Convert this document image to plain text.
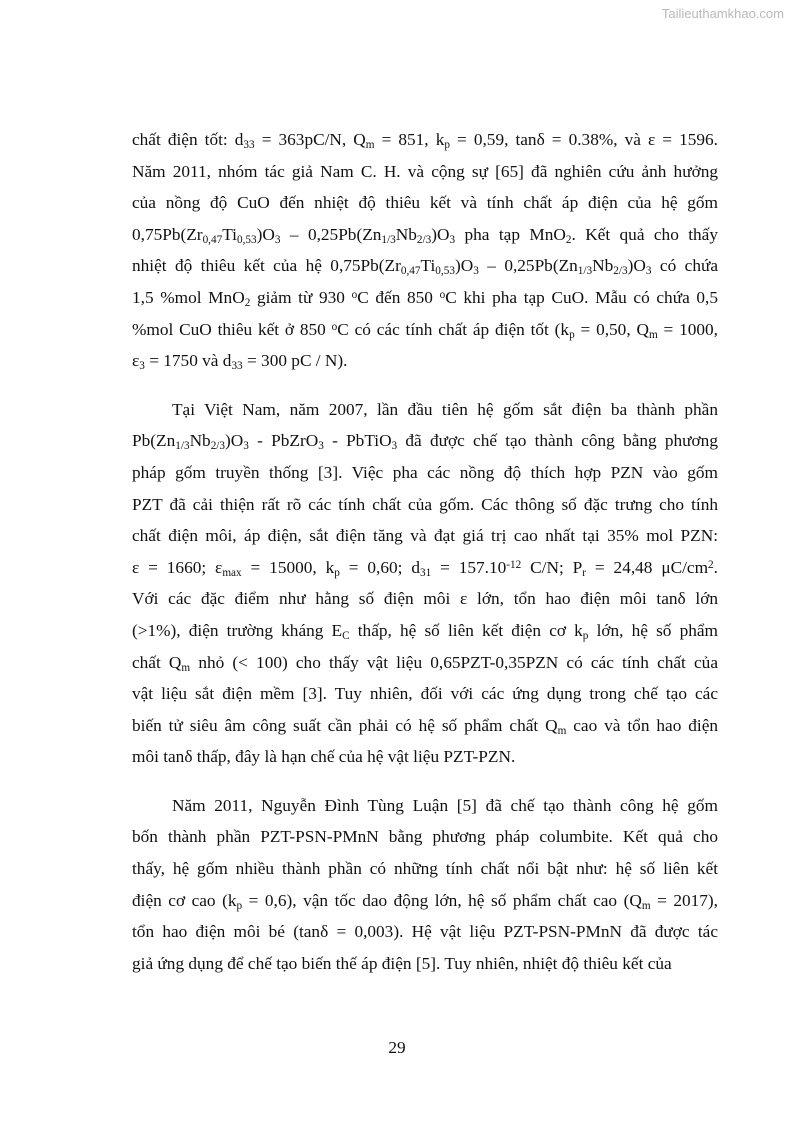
Tailieuthamkhao.com
chất điện tốt: $d_{33} = 363pC/N$, $Q_m = 851$, $k_p = 0,59$, tanδ = 0.38%, và ε = 1596.
Năm 2011, nhóm tác giả Nam C. H. và cộng sự [65] đã nghiên cứu ảnh hưởng
của nồng độ CuO đến nhiệt độ thiêu kết và tính chất áp điện của hệ gốm
$0,75Pb(Zr_{0,47}Ti_{0,53})O_3 - 0,25Pb(Zn_{1/3}Nb_{2/3})O_3$ pha tạp MnO$_2$. Kết quả cho thấy
nhiệt độ thiêu kết của hệ $0,75Pb(Zr_{0,47}Ti_{0,53})O_3 - 0,25Pb(Zn_{1/3}Nb_{2/3})O_3$ có chứa
1,5 %mol MnO$_2$ giảm từ 930 $^o$C đến 850 $^o$C khi pha tạp CuO. Mẫu có chứa 0,5
%mol CuO thiêu kết ở 850 $^o$C có các tính chất áp điện tốt ($k_p = 0,50$, $Q_m = 1000$,
$\varepsilon_3 = 1750$ và $d_{33} = 300$ pC / N).
Tại Việt Nam, năm 2007, lần đầu tiên hệ gốm sắt điện ba thành phần
$Pb(Zn_{1/3}Nb_{2/3})O_3$ - PbZrO$_3$ - PbTiO$_3$ đã được chế tạo thành công bằng phương
pháp gốm truyền thống [3]. Việc pha các nồng độ thích hợp PZN vào gốm
PZT đã cải thiện rất rõ các tính chất của gốm. Các thông số đặc trưng cho tính
chất điện môi, áp điện, sắt điện tăng và đạt giá trị cao nhất tại 35% mol PZN:
ε = 1660; $\varepsilon_{max} = 15000$, $k_p = 0,60$; $d_{31} = 157.10^{-12}$ C/N; $P_r = 24,48$ $\mu C/cm^2$.
Với các đặc điểm như hằng số điện môi ε lớn, tổn hao điện môi tanδ lớn
(>1%), điện trường kháng $E_C$ thấp, hệ số liên kết điện cơ $k_p$ lớn, hệ số phẩm
chất $Q_m$ nhỏ (< 100) cho thấy vật liệu 0,65PZT-0,35PZN có các tính chất của
vật liệu sắt điện mềm [3]. Tuy nhiên, đối với các ứng dụng trong chế tạo các
biến tử siêu âm công suất cần phải có hệ số phẩm chất $Q_m$ cao và tổn hao điện
môi tanδ thấp, đây là hạn chế của hệ vật liệu PZT-PZN.
Năm 2011, Nguyễn Đình Tùng Luận [5] đã chế tạo thành công hệ gốm
bốn thành phần PZT-PSN-PMnN bằng phương pháp columbite. Kết quả cho
thấy, hệ gốm nhiều thành phần có những tính chất nổi bật như: hệ số liên kết
điện cơ cao $(k_p = 0,6)$, vận tốc dao động lớn, hệ số phẩm chất cao $(Q_m = 2017)$,
tổn hao điện môi bé (tanδ = 0,003). Hệ vật liệu PZT-PSN-PMnN đã được tác
giả ứng dụng để chế tạo biến thế áp điện [5]. Tuy nhiên, nhiệt độ thiêu kết của
29
